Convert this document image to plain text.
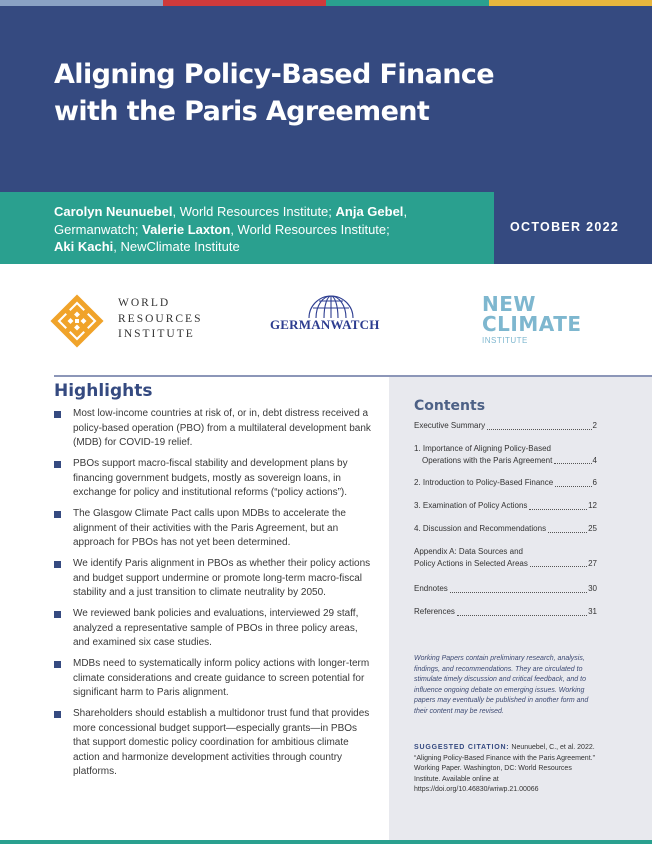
Aligning Policy-Based Finance
with the Paris Agreement
Carolyn Neunuebel, World Resources Institute; Anja Gebel, Germanwatch; Valerie Laxton, World Resources Institute;
Aki Kachi, NewClimate Institute
OCTOBER 2022
WORLD
RESOURCES
INSTITUTE
GERMANWATCH
NEW
CLIMATE
INSTITUTE
Highlights
Most low-income countries at risk of, or in, debt distress received a policy-based operation (PBO) from a multilateral development bank (MDB) for COVID-19 relief.
PBOs support macro-fiscal stability and development plans by financing government budgets, mostly as sovereign loans, in exchange for policy and institutional reforms (“policy actions”).
The Glasgow Climate Pact calls upon MDBs to accelerate the alignment of their activities with the Paris Agreement, but an approach for PBOs has not yet been determined.
We identify Paris alignment in PBOs as whether their policy actions and budget support undermine or promote long-term macro-fiscal stability and a just transition to climate neutrality by 2050.
We reviewed bank policies and evaluations, interviewed 29 staff, analyzed a representative sample of PBOs in three policy areas, and examined six case studies.
MDBs need to systematically inform policy actions with longer-term climate considerations and create guidance to screen potential for significant harm to Paris alignment.
Shareholders should establish a multidonor trust fund that provides more concessional budget support—especially grants—in PBOs that support domestic policy coordination for ambitious climate action and harmonize development activities through country platforms.
Contents
Executive Summary	2
1. Importance of Aligning Policy-Based
Operations with the Paris Agreement	4
2. Introduction to Policy-Based Finance	6
3. Examination of Policy Actions	12
4. Discussion and Recommendations	25
Appendix A: Data Sources and
Policy Actions in Selected Areas	27
Endnotes	30
References	31

Working Papers contain preliminary research, analysis, findings, and recommendations. They are circulated to stimulate timely discussion and critical feedback, and to influence ongoing debate on emerging issues. Working papers may eventually be published in another form and their content may be revised.

SUGGESTED CITATION: Neunuebel, C., et al. 2022. “Aligning Policy-Based Finance with the Paris Agreement.” Working Paper. Washington, DC: World Resources Institute. Available online at https://doi.org/10.46830/wriwp.21.00066
